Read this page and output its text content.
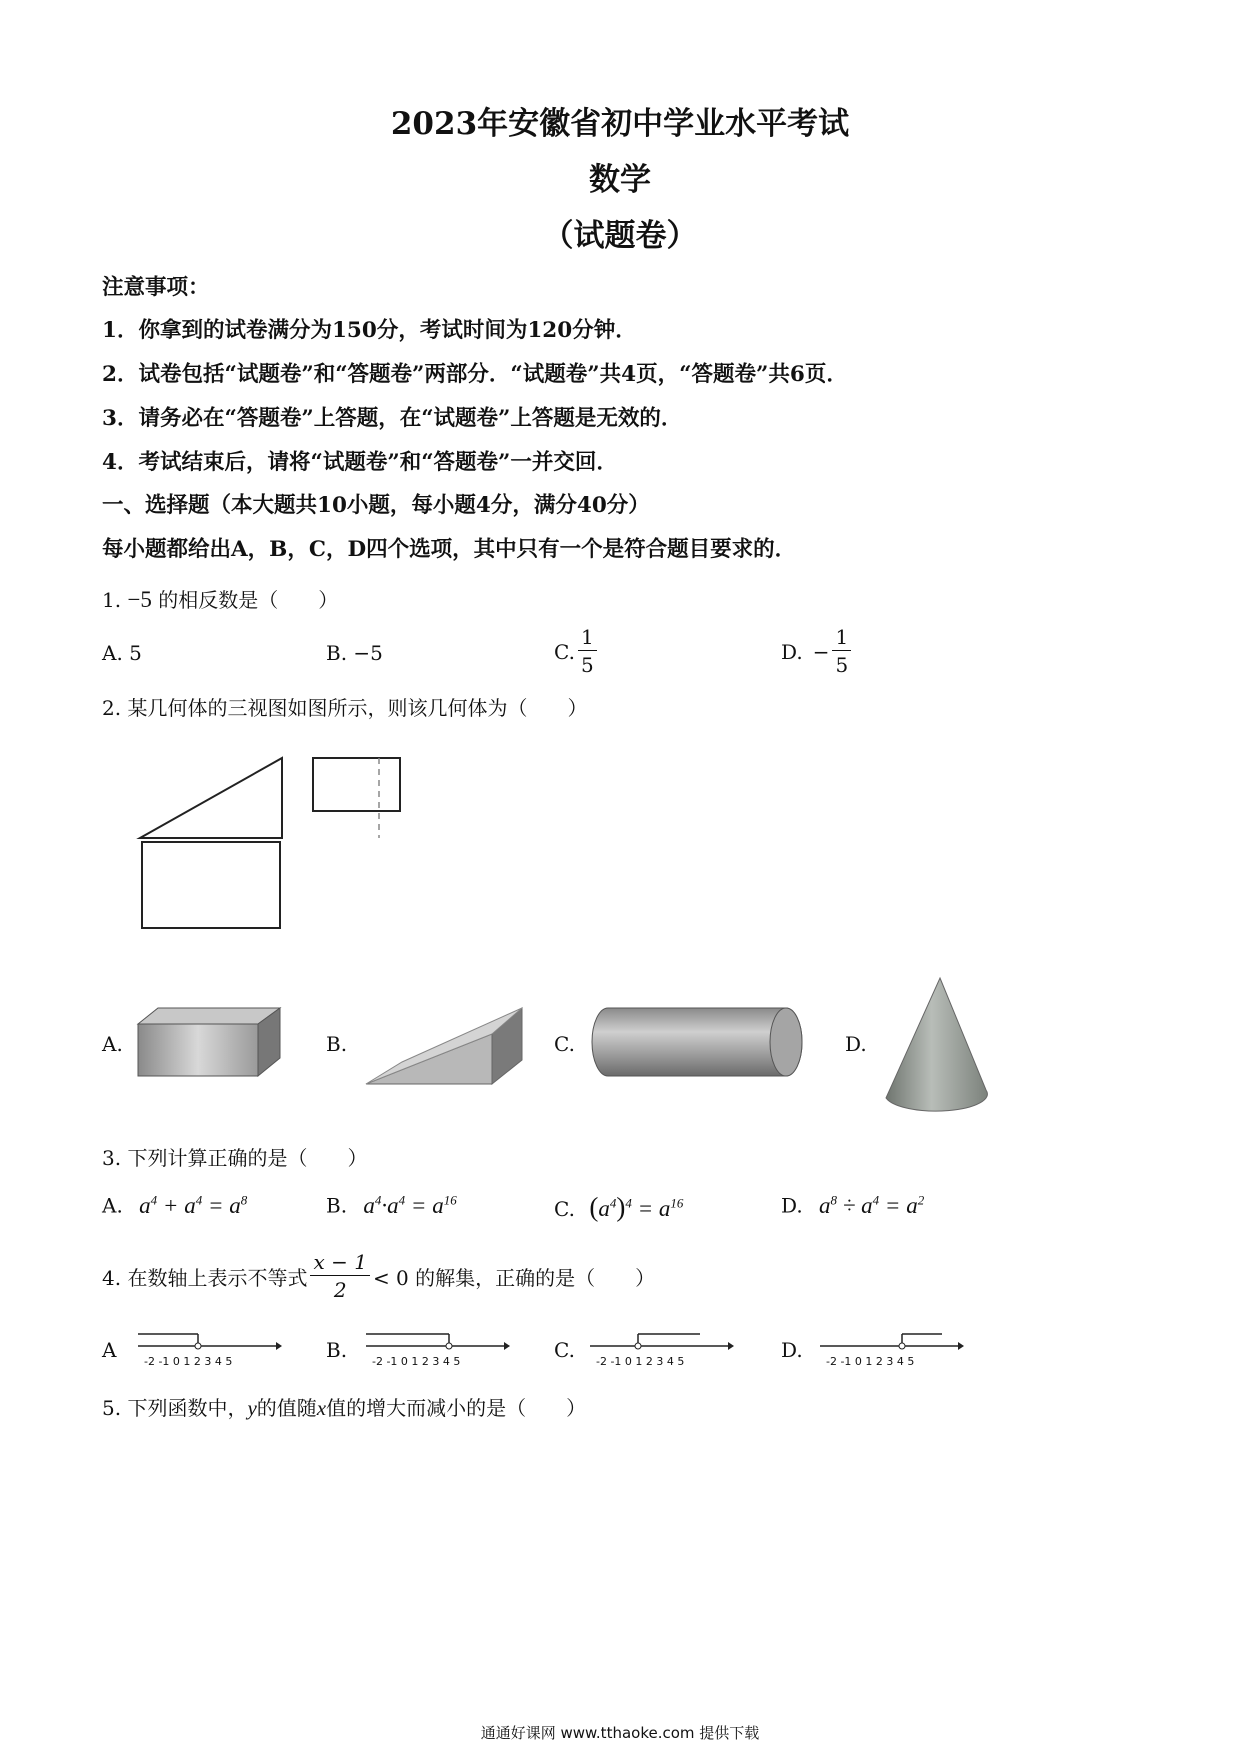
2023年安徽省初中学业水平考试
数学
（试题卷）
注意事项：
1．你拿到的试卷满分为150分，考试时间为120分钟．
2．试卷包括“试题卷”和“答题卷”两部分．“试题卷”共4页，“答题卷”共6页．
3．请务必在“答题卷”上答题，在“试题卷”上答题是无效的．
4．考试结束后，请将“试题卷”和“答题卷”一并交回．
一、选择题（本大题共10小题，每小题4分，满分40分）
每小题都给出A，B，C，D四个选项，其中只有一个是符合题目要求的．
1. −5 的相反数是（　　）
A. 5	B. −5	C. $\frac{1}{5}$	D. − $\frac{1}{5}$
2. 某几何体的三视图如图所示，则该几何体为（　　）
A.	B.	C.	D.
3. 下列计算正确的是（　　）
A. $a^4 + a^4 = a^8$	B. $a^4\cdot a^4 = a^{16}$	C. $(a^4)^4 = a^{16}$	D. $a^8 \div a^4 = a^2$
4. 在数轴上表示不等式 $\frac{x - 1}{2} < 0$ 的解集，正确的是（　　）
A	-2 -1 0 1 2 3 4 5	B. -2 -1 0 1 2 3 4 5	C. -2 -1 0 1 2 3 4 5	D. -2 -1 0 1 2 3 4 5
5. 下列函数中，y的值随x值的增大而减小的是（　　）
通通好课网 www.tthaoke.com 提供下载
